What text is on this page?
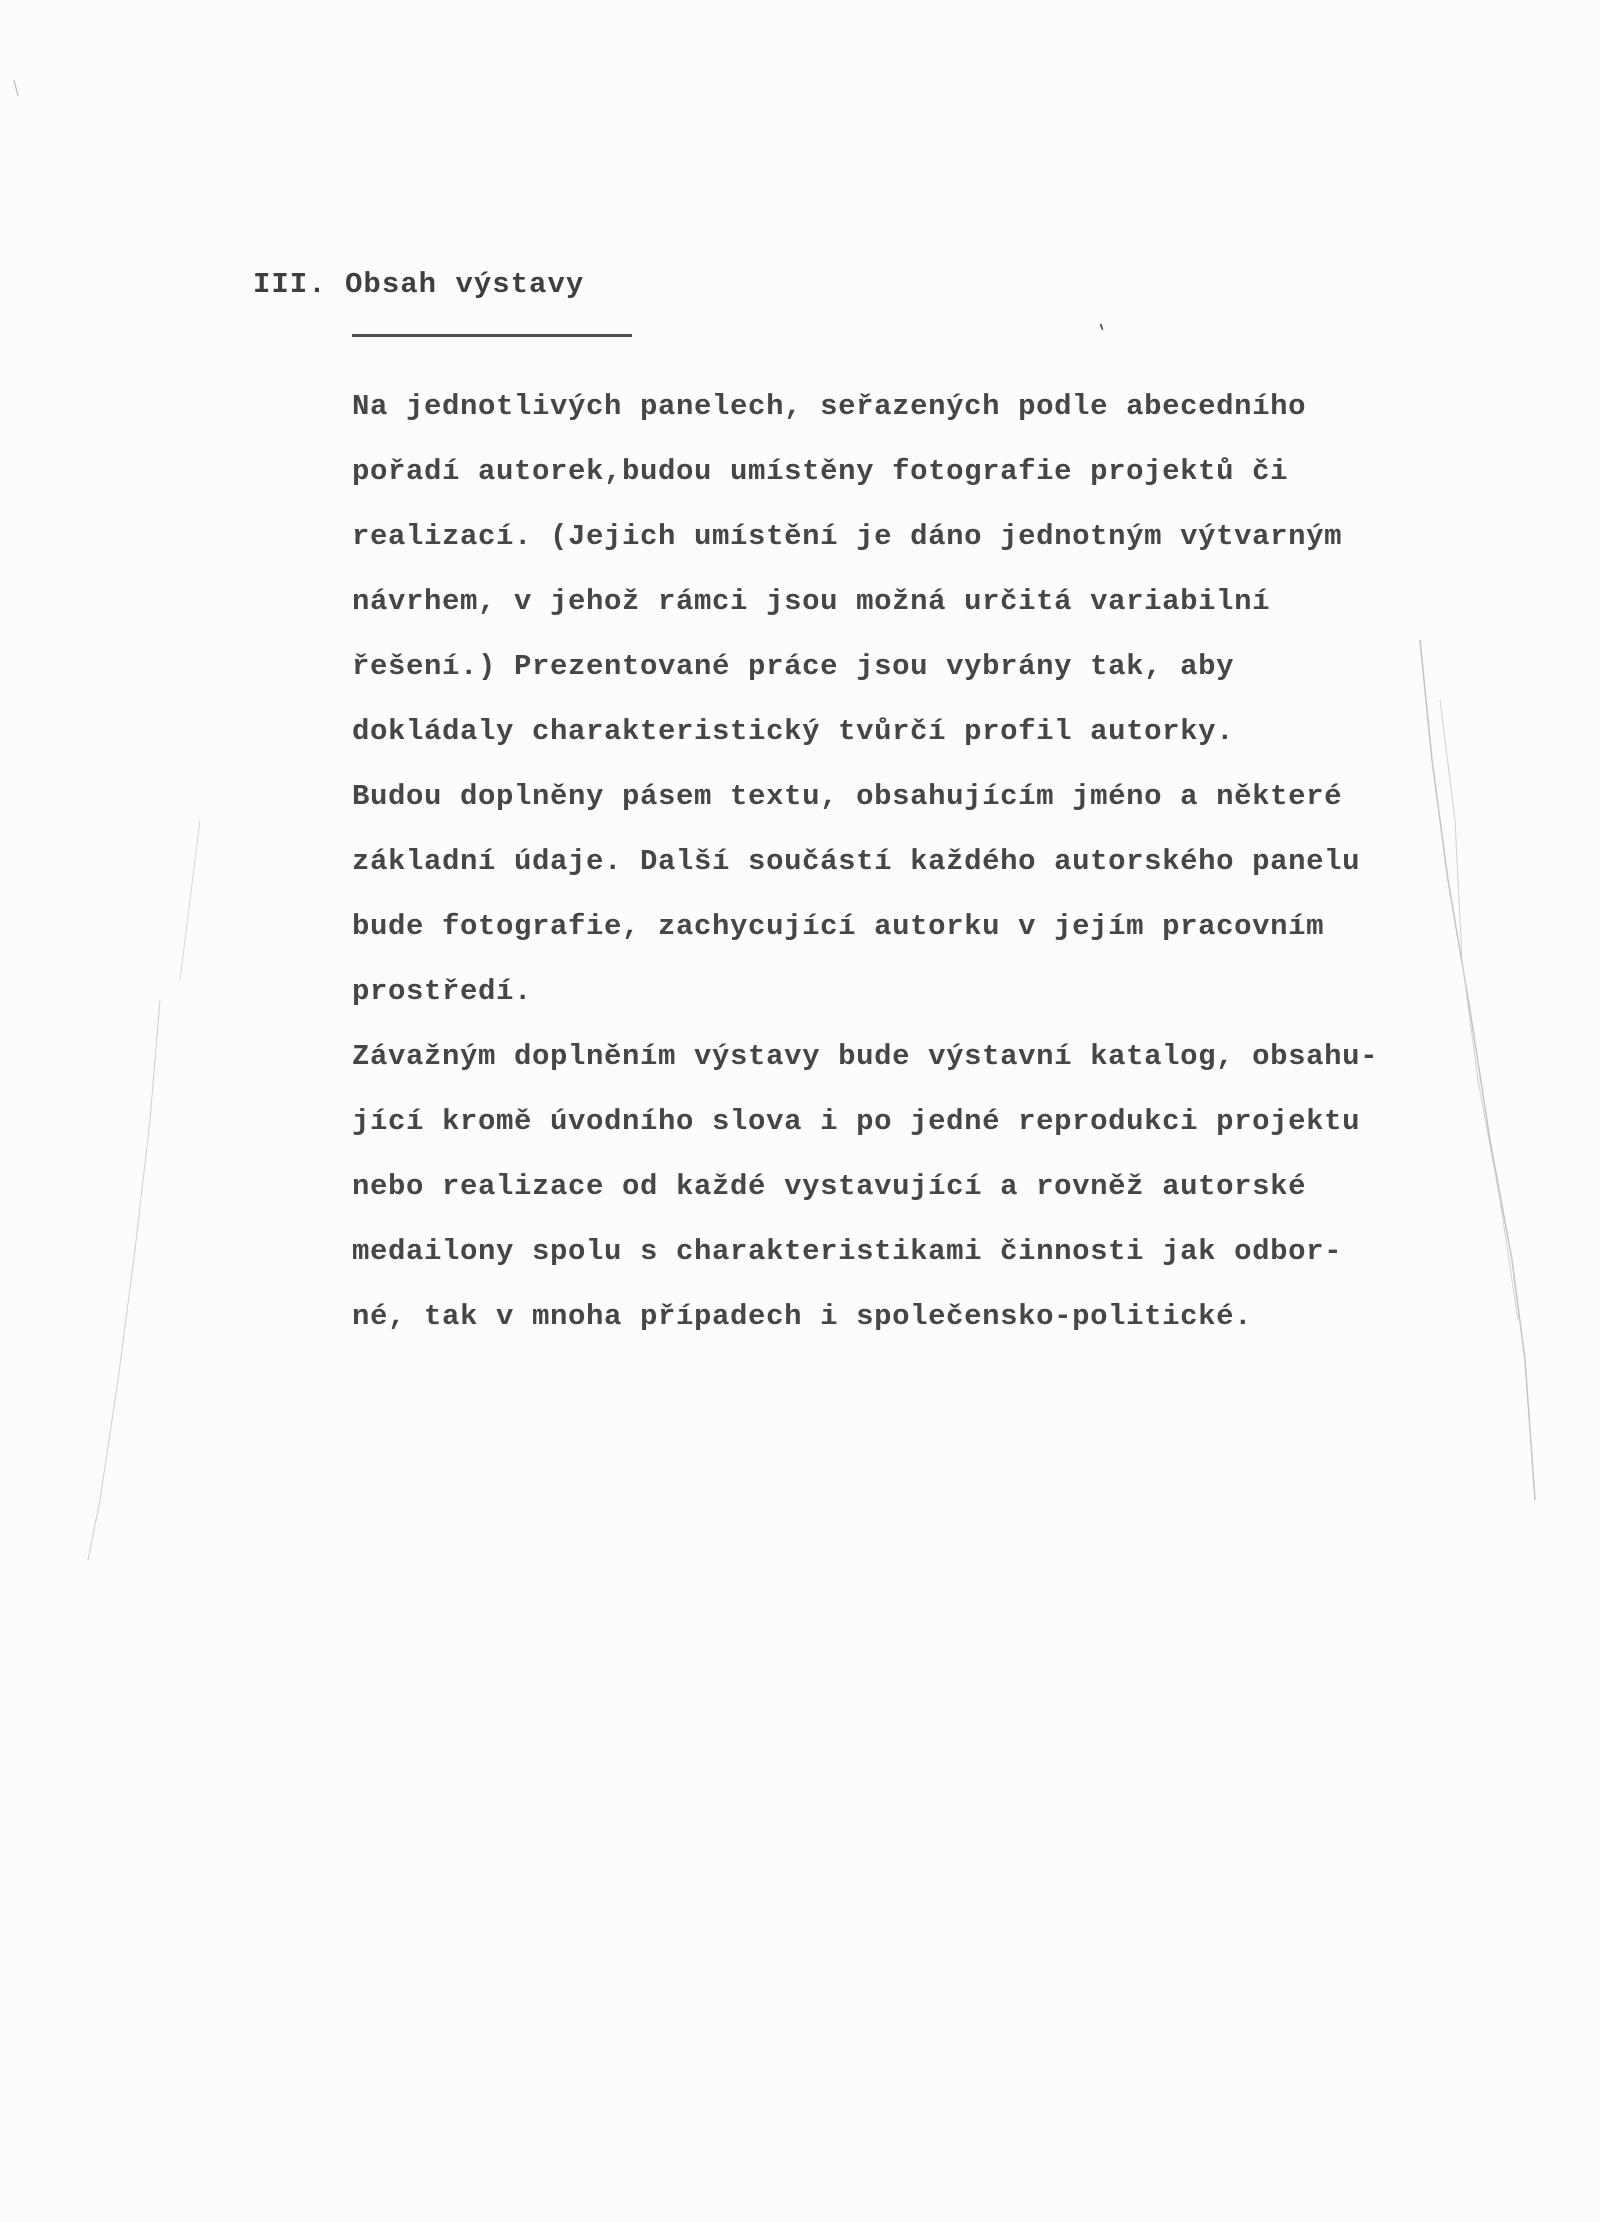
′
III. Obsah výstavy
Na jednotlivých panelech, seřazených podle abecedního
pořadí autorek,budou umístěny fotografie projektů či
realizací. (Jejich umístění je dáno jednotným výtvarným
návrhem, v jehož rámci jsou možná určitá variabilní
řešení.) Prezentované práce jsou vybrány tak, aby
dokládaly charakteristický tvůrčí profil autorky.
Budou doplněny pásem textu, obsahujícím jméno a některé
základní údaje. Další součástí každého autorského panelu
bude fotografie, zachycující autorku v jejím pracovním
prostředí.
Závažným doplněním výstavy bude výstavní katalog, obsahu-
jící kromě úvodního slova i po jedné reprodukci projektu
nebo realizace od každé vystavující a rovněž autorské
medailony spolu s charakteristikami činnosti jak odbor-
né, tak v mnoha případech i společensko-politické.
